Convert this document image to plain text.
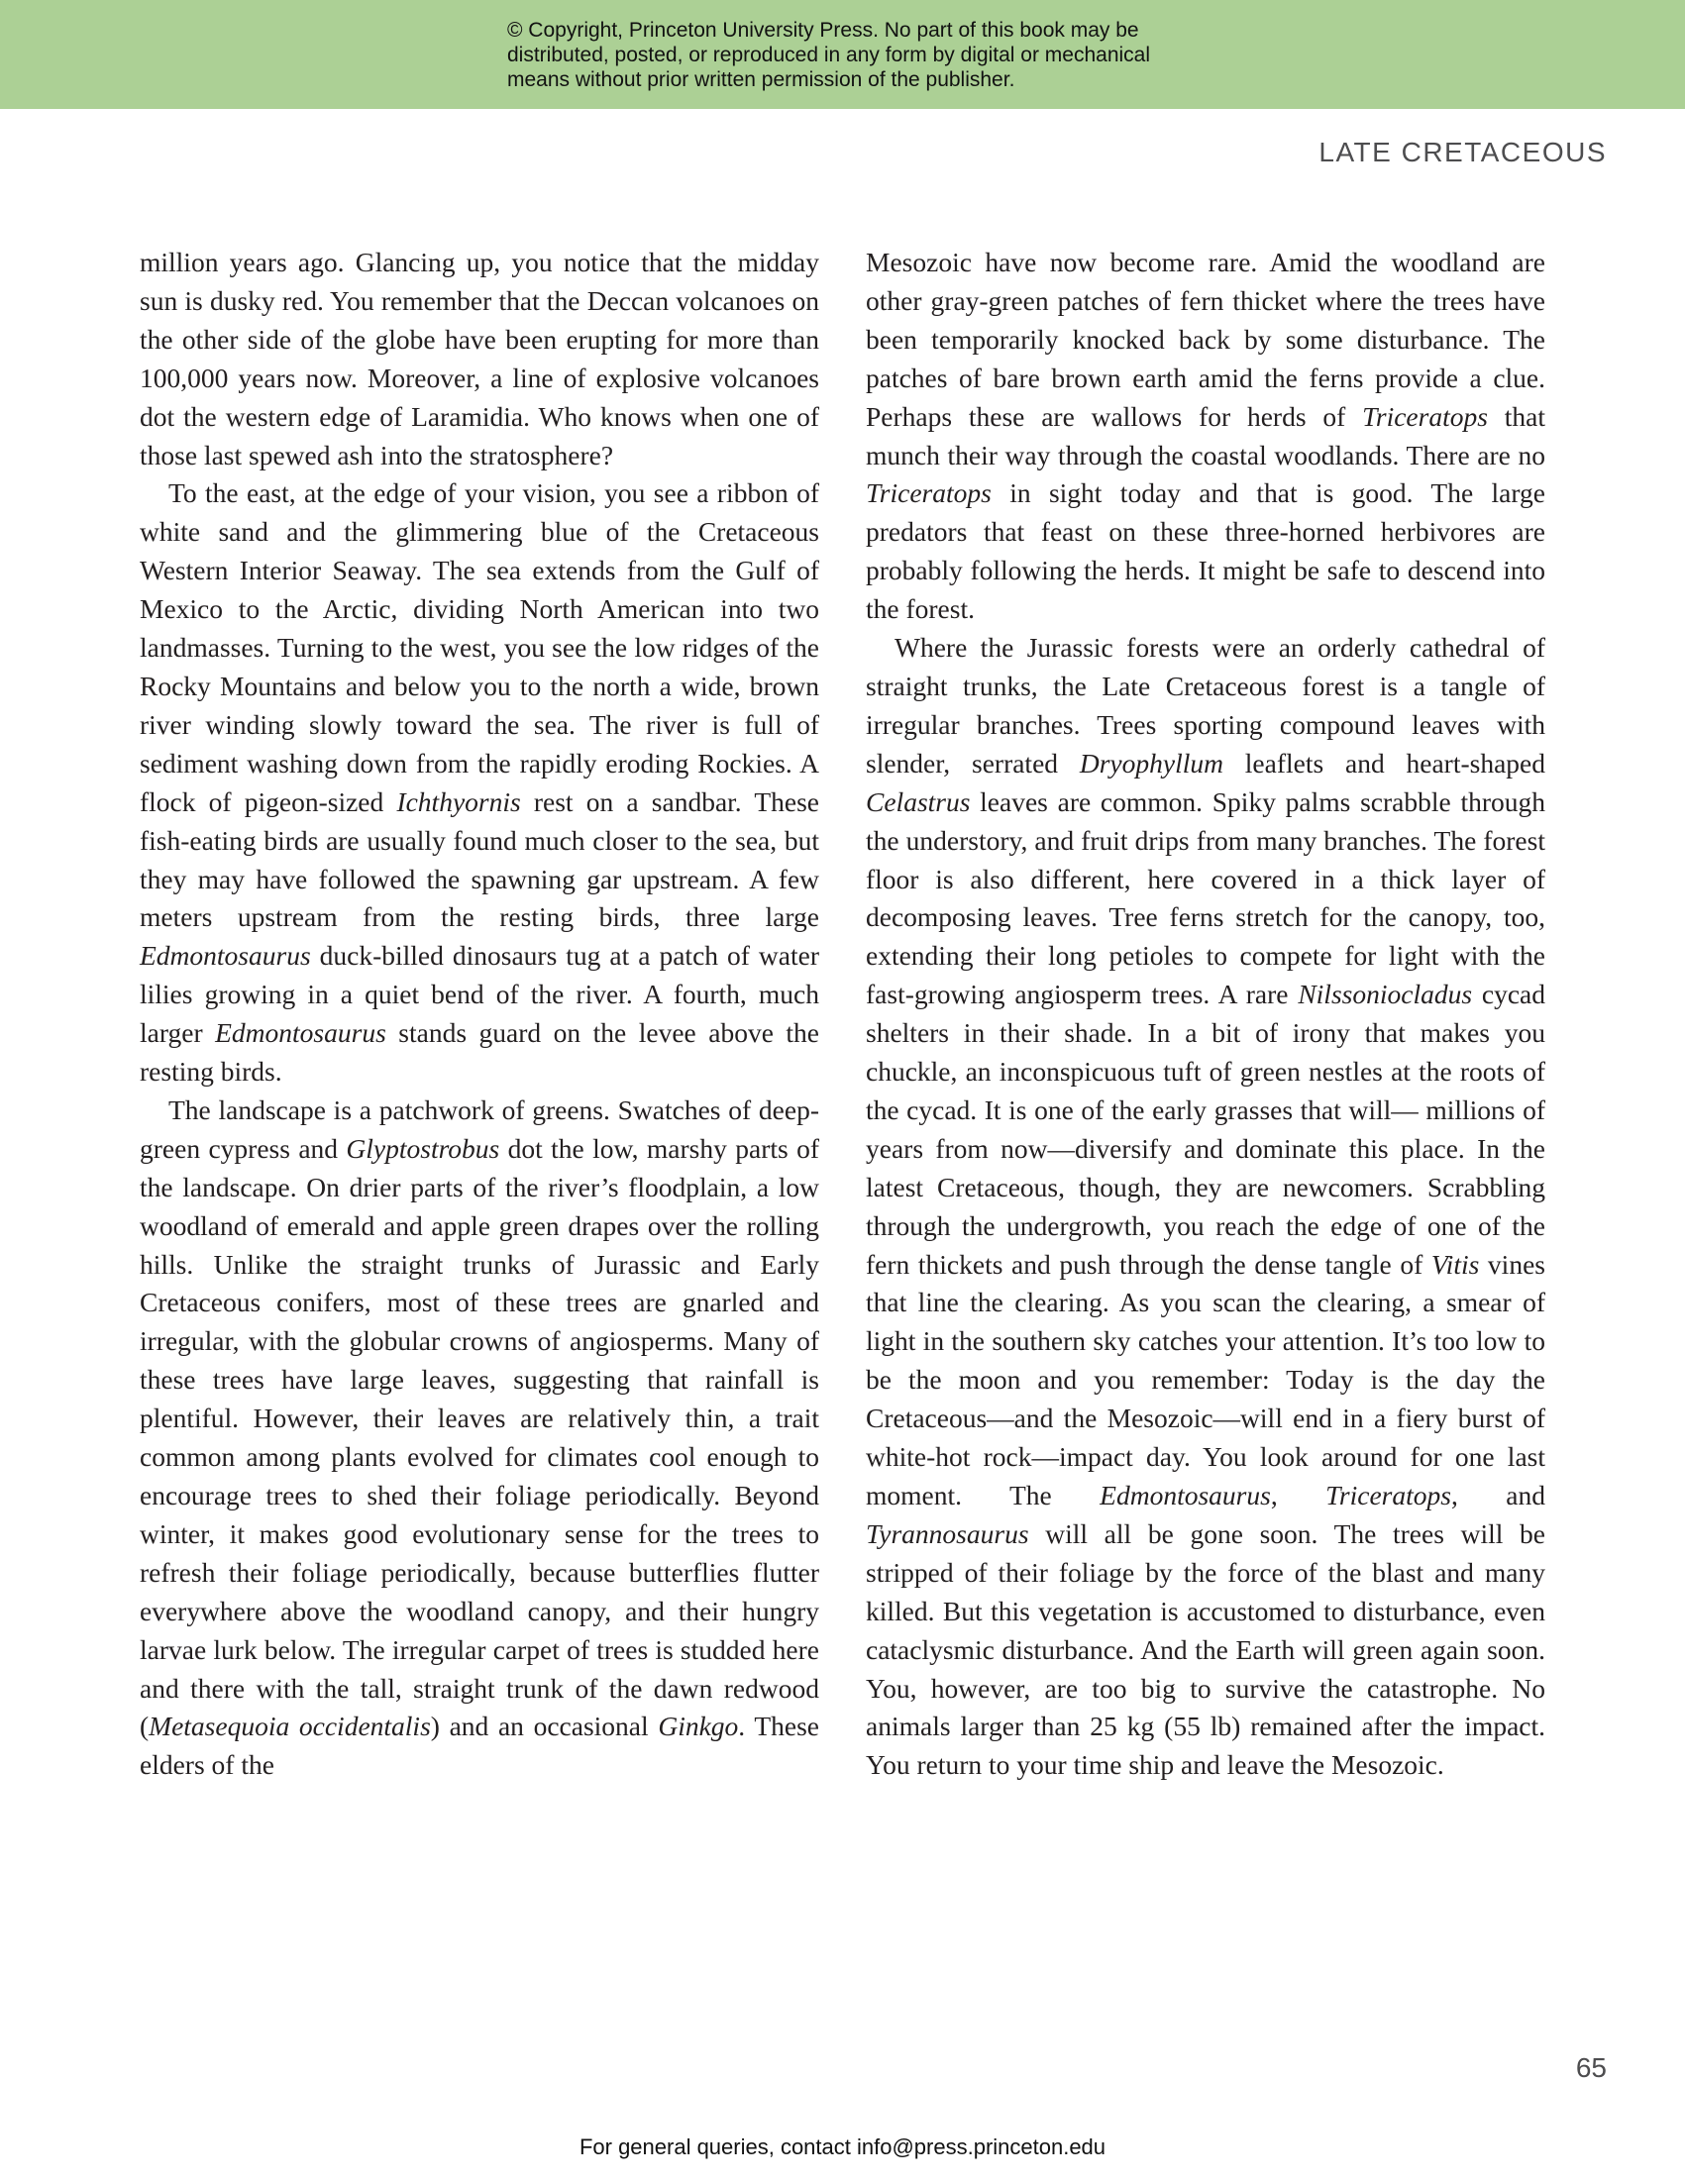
© Copyright, Princeton University Press. No part of this book may be
distributed, posted, or reproduced in any form by digital or mechanical
means without prior written permission of the publisher.
LATE CRETACEOUS

million years ago. Glancing up, you notice that the midday sun is dusky red. You remember that the Deccan volcanoes on the other side of the globe have been erupting for more than 100,000 years now. Moreover, a line of explosive volcanoes dot the western edge of Laramidia. Who knows when one of those last spewed ash into the stratosphere?

To the east, at the edge of your vision, you see a ribbon of white sand and the glimmering blue of the Cretaceous Western Interior Seaway. The sea extends from the Gulf of Mexico to the Arctic, dividing North American into two landmasses. Turning to the west, you see the low ridges of the Rocky Mountains and below you to the north a wide, brown river winding slowly toward the sea. The river is full of sediment washing down from the rapidly eroding Rockies. A flock of pigeon-sized Ichthyornis rest on a sandbar. These fish-eating birds are usually found much closer to the sea, but they may have followed the spawning gar upstream. A few meters upstream from the resting birds, three large Edmontosaurus duck-billed dinosaurs tug at a patch of water lilies growing in a quiet bend of the river. A fourth, much larger Edmontosaurus stands guard on the levee above the resting birds.

The landscape is a patchwork of greens. Swatches of deep-green cypress and Glyptostrobus dot the low, marshy parts of the landscape. On drier parts of the river’s floodplain, a low woodland of emerald and apple green drapes over the rolling hills. Unlike the straight trunks of Jurassic and Early Cretaceous conifers, most of these trees are gnarled and irregular, with the globular crowns of angiosperms. Many of these trees have large leaves, suggesting that rainfall is plentiful. However, their leaves are relatively thin, a trait common among plants evolved for climates cool enough to encourage trees to shed their foliage periodically. Beyond winter, it makes good evolutionary sense for the trees to refresh their foliage periodically, because butterflies flutter everywhere above the woodland canopy, and their hungry larvae lurk below. The irregular carpet of trees is studded here and there with the tall, straight trunk of the dawn redwood (Metasequoia occidentalis) and an occasional Ginkgo. These elders of the

Mesozoic have now become rare. Amid the woodland are other gray-green patches of fern thicket where the trees have been temporarily knocked back by some disturbance. The patches of bare brown earth amid the ferns provide a clue. Perhaps these are wallows for herds of Triceratops that munch their way through the coastal woodlands. There are no Triceratops in sight today and that is good. The large predators that feast on these three-horned herbivores are probably following the herds. It might be safe to descend into the forest.

Where the Jurassic forests were an orderly cathedral of straight trunks, the Late Cretaceous forest is a tangle of irregular branches. Trees sporting compound leaves with slender, serrated Dryophyllum leaflets and heart-shaped Celastrus leaves are common. Spiky palms scrabble through the understory, and fruit drips from many branches. The forest floor is also different, here covered in a thick layer of decomposing leaves. Tree ferns stretch for the canopy, too, extending their long petioles to compete for light with the fast-growing angiosperm trees. A rare Nilssoniocladus cycad shelters in their shade. In a bit of irony that makes you chuckle, an inconspicuous tuft of green nestles at the roots of the cycad. It is one of the early grasses that will— millions of years from now—diversify and dominate this place. In the latest Cretaceous, though, they are newcomers. Scrabbling through the undergrowth, you reach the edge of one of the fern thickets and push through the dense tangle of Vitis vines that line the clearing. As you scan the clearing, a smear of light in the southern sky catches your attention. It’s too low to be the moon and you remember: Today is the day the Cretaceous—and the Mesozoic—will end in a fiery burst of white-hot rock—impact day. You look around for one last moment. The Edmontosaurus, Triceratops, and Tyrannosaurus will all be gone soon. The trees will be stripped of their foliage by the force of the blast and many killed. But this vegetation is accustomed to disturbance, even cataclysmic disturbance. And the Earth will green again soon. You, however, are too big to survive the catastrophe. No animals larger than 25 kg (55 lb) remained after the impact. You return to your time ship and leave the Mesozoic.

65
For general queries, contact info@press.princeton.edu
